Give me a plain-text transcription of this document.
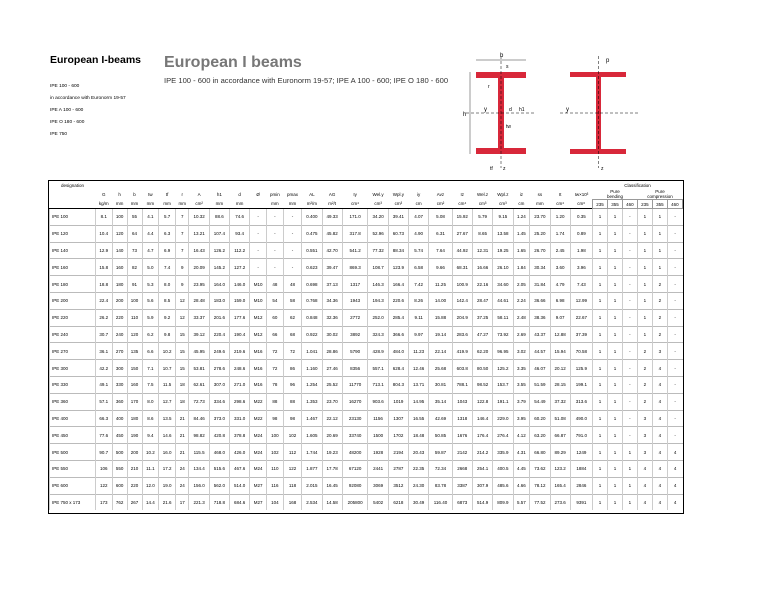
European I-beams
IPE 100 - 600
in accordance with Euronorm 19-57
IPE A 100 - 600
IPE O 180 - 600
IPE 750
European I beams
IPE 100 - 600 in accordance with Euronorm 19-57; IPE A 100 - 600; IPE O 180 - 600
b
s
r
h
d h1
y
tw
tf z
p
y
z
designation																											Classification					
	G	h	b	tw	tf	r	A	h1	d	Ø	pmin	pmax	AL	AG	Iy	Wel.y	Wpl.y	iy	Avz	Iz	Wel.z	Wpl.z	iz	ss	It	Iw×10³	Pure
bending			Pure
compression		
	kg/m	mm	mm	mm	mm	mm	cm²	mm	mm		mm	mm	m²/m	m²/t	cm⁴	cm³	cm³	cm	cm²	cm⁴	cm³	cm³	cm	mm	cm⁴	cm⁶	235	355	460	235	355	460
IPE 100	8.1	100	55	4.1	5.7	7	10.32	88.6	74.6	-	-	-	0.400	49.33	171.0	34.20	39.41	4.07	5.08	15.92	5.79	9.15	1.24	23.70	1.20	0.35	1	1	-	1	1	-
IPE 120	10.4	120	64	4.4	6.3	7	13.21	107.4	93.4	-	-	-	0.475	45.82	317.8	52.96	60.73	4.90	6.31	27.67	8.65	13.58	1.45	25.20	1.74	0.89	1	1	-	1	1	-
IPE 140	12.9	140	73	4.7	6.9	7	16.43	126.2	112.2	-	-	-	0.551	42.70	541.2	77.32	88.34	5.74	7.64	44.92	12.31	19.25	1.65	26.70	2.45	1.98	1	1	-	1	1	-
IPE 160	15.8	160	82	5.0	7.4	9	20.09	145.2	127.2	-	-	-	0.623	39.47	869.3	108.7	123.9	6.58	9.66	68.31	16.66	26.10	1.84	30.34	3.60	3.96	1	1	-	1	1	-
IPE 180	18.8	180	91	5.3	8.0	9	23.95	164.0	146.0	M10	48	48	0.698	37.13	1317	146.3	166.4	7.42	11.25	100.9	22.16	34.60	2.05	31.84	4.79	7.43	1	1	-	1	2	-
IPE 200	22.4	200	100	5.6	8.5	12	28.48	183.0	159.0	M10	54	58	0.768	34.36	1943	194.3	220.6	8.26	14.00	142.4	28.47	44.61	2.24	36.66	6.98	12.99	1	1	-	1	2	-
IPE 220	26.2	220	110	5.9	9.2	12	33.37	201.6	177.6	M12	60	62	0.848	32.36	2772	252.0	285.4	9.11	15.88	204.9	37.25	58.11	2.48	38.36	9.07	22.67	1	1	-	1	2	-
IPE 240	30.7	240	120	6.2	9.8	15	39.12	220.4	190.4	M12	66	68	0.922	30.02	3892	324.3	366.6	9.97	19.14	283.6	47.27	73.92	2.69	43.37	12.88	37.39	1	1	-	1	2	-
IPE 270	36.1	270	135	6.6	10.2	15	45.95	249.6	219.6	M16	72	72	1.041	28.86	5790	428.9	484.0	11.23	22.14	419.9	62.20	96.95	3.02	44.57	15.94	70.58	1	1	-	2	3	-
IPE 300	42.2	300	150	7.1	10.7	15	53.81	278.6	248.6	M16	72	86	1.160	27.46	8356	557.1	628.4	12.46	25.68	603.8	80.50	125.2	3.35	46.07	20.12	125.9	1	1	-	2	4	-
IPE 330	49.1	330	160	7.5	11.5	18	62.61	307.0	271.0	M16	78	96	1.254	25.52	11770	713.1	804.3	13.71	30.81	788.1	98.52	153.7	3.55	51.59	28.15	199.1	1	1	-	2	4	-
IPE 360	57.1	360	170	8.0	12.7	18	72.73	334.6	298.6	M22	88	88	1.353	23.70	16270	903.6	1019	14.95	35.14	1043	122.8	191.1	3.79	54.49	37.32	313.6	1	1	-	2	4	-
IPE 400	66.3	400	180	8.6	13.5	21	84.46	373.0	331.0	M22	98	98	1.467	22.12	23130	1156	1307	16.55	42.69	1318	146.4	229.0	3.95	60.20	51.08	490.0	1	1	-	3	4	-
IPE 450	77.6	450	190	9.4	14.6	21	98.82	420.8	378.8	M24	100	102	1.605	20.69	33740	1500	1702	18.48	50.85	1676	176.4	276.4	4.12	63.20	66.87	791.0	1	1	-	3	4	-
IPE 500	90.7	500	200	10.2	16.0	21	115.5	468.0	426.0	M24	102	112	1.744	19.23	48200	1928	2194	20.43	59.87	2142	214.2	335.9	4.31	66.80	89.29	1249	1	1	1	3	4	4
IPE 550	106	550	210	11.1	17.2	24	134.4	515.6	467.6	M24	110	122	1.877	17.78	67120	2441	2787	22.35	72.34	2668	254.1	400.5	4.45	73.62	123.2	1884	1	1	1	4	4	4
IPE 600	122	600	220	12.0	19.0	24	156.0	562.0	514.0	M27	116	118	2.015	16.45	92080	3069	3512	24.30	83.78	3387	307.9	485.6	4.66	78.12	165.4	2846	1	1	1	4	4	4
IPE 750 x 173	173	762	267	14.4	21.6	17	221.3	718.8	684.6	M27	104	168	2.534	14.58	205800	5402	6218	30.49	116.40	6873	514.9	809.9	5.57	77.52	273.6	9391	1	1	1	4	4	4
